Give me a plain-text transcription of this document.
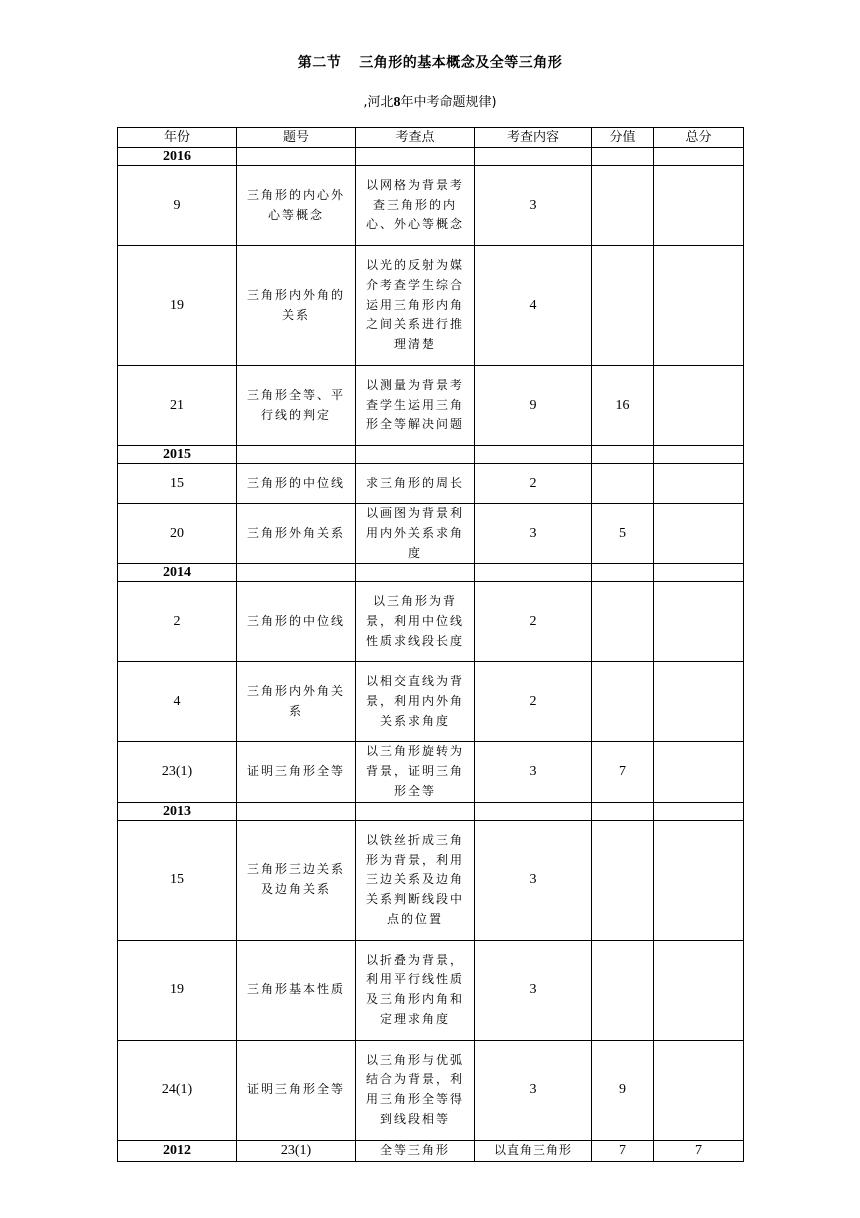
第二节 三角形的基本概念及全等三角形
,河北8年中考命题规律)
年份	题号	考查点	考查内容	分值	总分
2016					
9	三角形的内心外心等概念	以网格为背景考查三角形的内心、外心等概念	3		
19	三角形内外角的关系	以光的反射为媒介考查学生综合运用三角形内角之间关系进行推理清楚	4		
21	三角形全等、平行线的判定	以测量为背景考查学生运用三角形全等解决问题	9	16	
2015					
15	三角形的中位线	求三角形的周长	2		
20	三角形外角关系	以画图为背景利用内外关系求角度	3	5	
2014					
2	三角形的中位线	以三角形为背景，利用中位线性质求线段长度	2		
4	三角形内外角关系	以相交直线为背景，利用内外角关系求角度	2		
23(1)	证明三角形全等	以三角形旋转为背景，证明三角形全等	3	7	
2013					
15	三角形三边关系及边角关系	以铁丝折成三角形为背景，利用三边关系及边角关系判断线段中点的位置	3		
19	三角形基本性质	以折叠为背景，利用平行线性质及三角形内角和定理求角度	3		
24(1)	证明三角形全等	以三角形与优弧结合为背景，利用三角形全等得到线段相等	3	9	
2012	23(1)	全等三角形	以直角三角形	7	7
